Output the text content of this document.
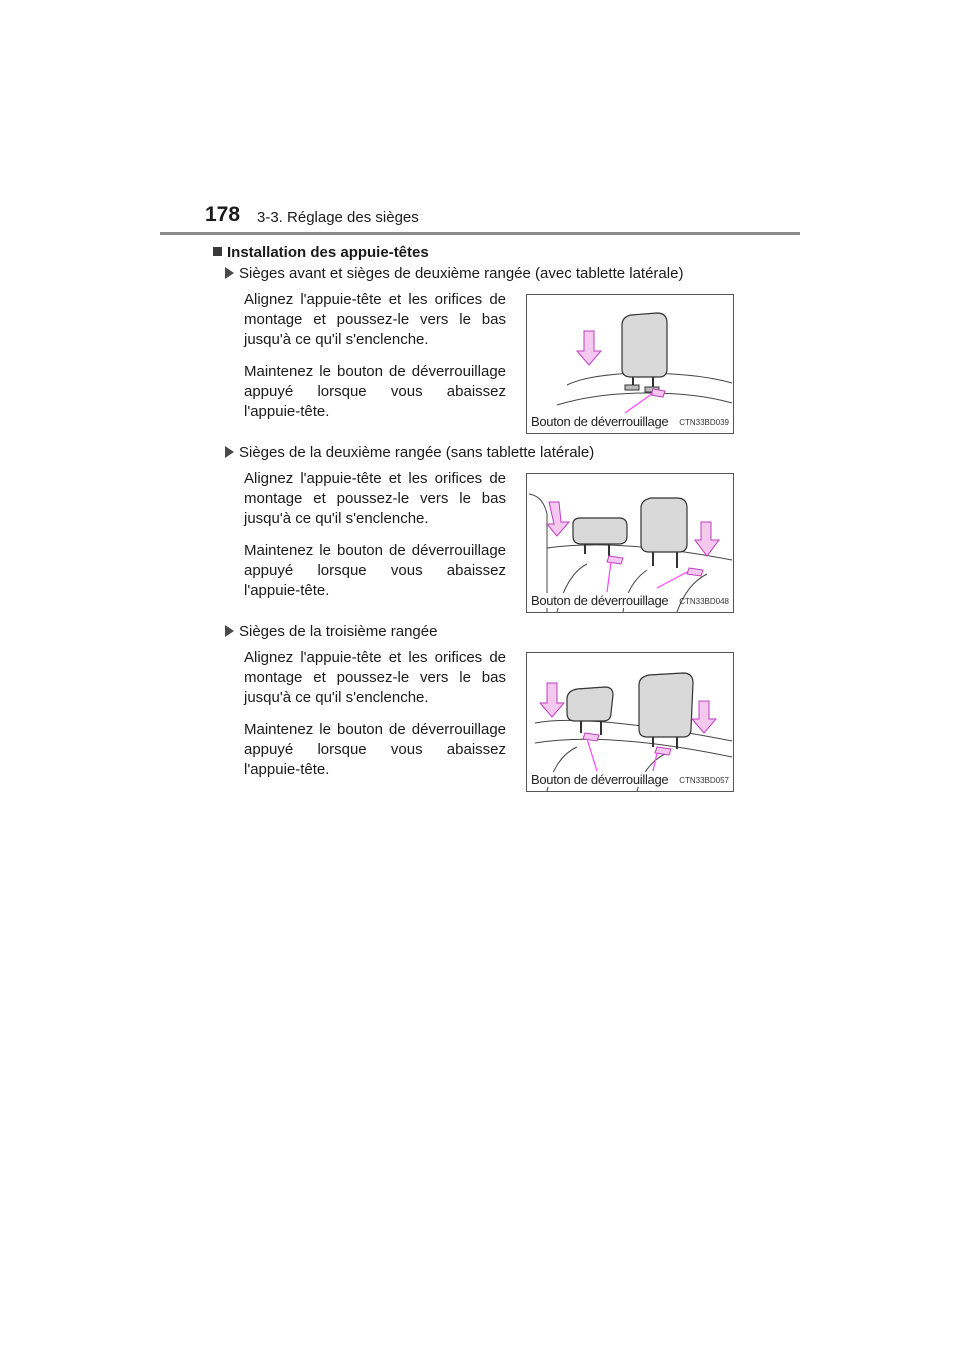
178 3-3. Réglage des sièges
Installation des appuie-têtes
Sièges avant et sièges de deuxième rangée (avec tablette latérale)

Alignez l'appuie-tête et les orifices de montage et poussez-le vers le bas jusqu'à ce qu'il s'enclenche.

Maintenez le bouton de déverrouillage appuyé lorsque vous abaissez l'appuie-tête.

Bouton de déverrouillage CTN33BD039
Sièges de la deuxième rangée (sans tablette latérale)

Alignez l'appuie-tête et les orifices de montage et poussez-le vers le bas jusqu'à ce qu'il s'enclenche.

Maintenez le bouton de déverrouillage appuyé lorsque vous abaissez l'appuie-tête.

Bouton de déverrouillage CTN33BD048
Sièges de la troisième rangée

Alignez l'appuie-tête et les orifices de montage et poussez-le vers le bas jusqu'à ce qu'il s'enclenche.

Maintenez le bouton de déverrouillage appuyé lorsque vous abaissez l'appuie-tête.

Bouton de déverrouillage CTN33BD057
